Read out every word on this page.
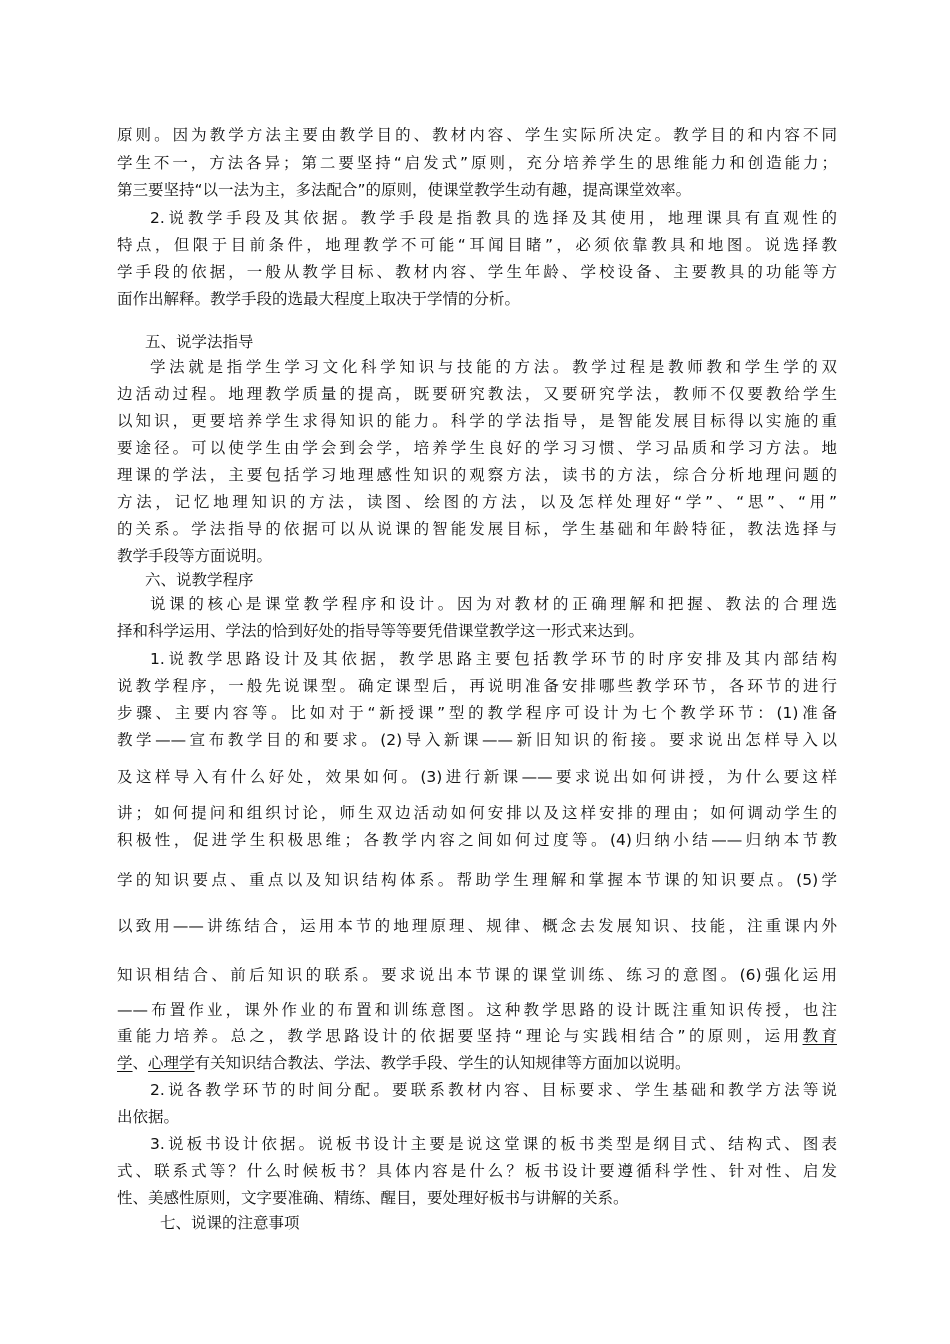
原则。因为教学方法主要由教学目的、教材内容、学生实际所决定。教学目的和内容不同
学生不一，方法各异；第二要坚持“启发式”原则，充分培养学生的思维能力和创造能力；
第三要坚持“以一法为主，多法配合”的原则，使课堂教学生动有趣，提高课堂效率。
2.说教学手段及其依据。教学手段是指教具的选择及其使用，地理课具有直观性的
特点，但限于目前条件，地理教学不可能“耳闻目睹”，必须依靠教具和地图。说选择教
学手段的依据，一般从教学目标、教材内容、学生年龄、学校设备、主要教具的功能等方
面作出解释。教学手段的选最大程度上取决于学情的分析。
五、说学法指导
学法就是指学生学习文化科学知识与技能的方法。教学过程是教师教和学生学的双
边活动过程。地理教学质量的提高，既要研究教法，又要研究学法，教师不仅要教给学生
以知识，更要培养学生求得知识的能力。科学的学法指导，是智能发展目标得以实施的重
要途径。可以使学生由学会到会学，培养学生良好的学习习惯、学习品质和学习方法。地
理课的学法，主要包括学习地理感性知识的观察方法，读书的方法，综合分析地理问题的
方法，记忆地理知识的方法，读图、绘图的方法，以及怎样处理好“学”、“思”、“用”
的关系。学法指导的依据可以从说课的智能发展目标，学生基础和年龄特征，教法选择与
教学手段等方面说明。
六、说教学程序
说课的核心是课堂教学程序和设计。因为对教材的正确理解和把握、教法的合理选
择和科学运用、学法的恰到好处的指导等等要凭借课堂教学这一形式来达到。
1.说教学思路设计及其依据，教学思路主要包括教学环节的时序安排及其内部结构
说教学程序，一般先说课型。确定课型后，再说明准备安排哪些教学环节，各环节的进行
步骤、主要内容等。比如对于“新授课”型的教学程序可设计为七个教学环节：(1)准备
教学——宣布教学目的和要求。(2)导入新课——新旧知识的衔接。要求说出怎样导入以
及这样导入有什么好处，效果如何。(3)进行新课——要求说出如何讲授，为什么要这样
讲；如何提问和组织讨论，师生双边活动如何安排以及这样安排的理由；如何调动学生的
积极性，促进学生积极思维；各教学内容之间如何过度等。(4)归纳小结——归纳本节教
学的知识要点、重点以及知识结构体系。帮助学生理解和掌握本节课的知识要点。(5)学
以致用——讲练结合，运用本节的地理原理、规律、概念去发展知识、技能，注重课内外
知识相结合、前后知识的联系。要求说出本节课的课堂训练、练习的意图。(6)强化运用
——布置作业，课外作业的布置和训练意图。这种教学思路的设计既注重知识传授，也注
重能力培养。总之，教学思路设计的依据要坚持“理论与实践相结合”的原则，运用教育
学、心理学有关知识结合教法、学法、教学手段、学生的认知规律等方面加以说明。
2.说各教学环节的时间分配。要联系教材内容、目标要求、学生基础和教学方法等说
出依据。
3.说板书设计依据。说板书设计主要是说这堂课的板书类型是纲目式、结构式、图表
式、联系式等？什么时候板书？具体内容是什么？板书设计要遵循科学性、针对性、启发
性、美感性原则，文字要准确、精练、醒目，要处理好板书与讲解的关系。
七、说课的注意事项
